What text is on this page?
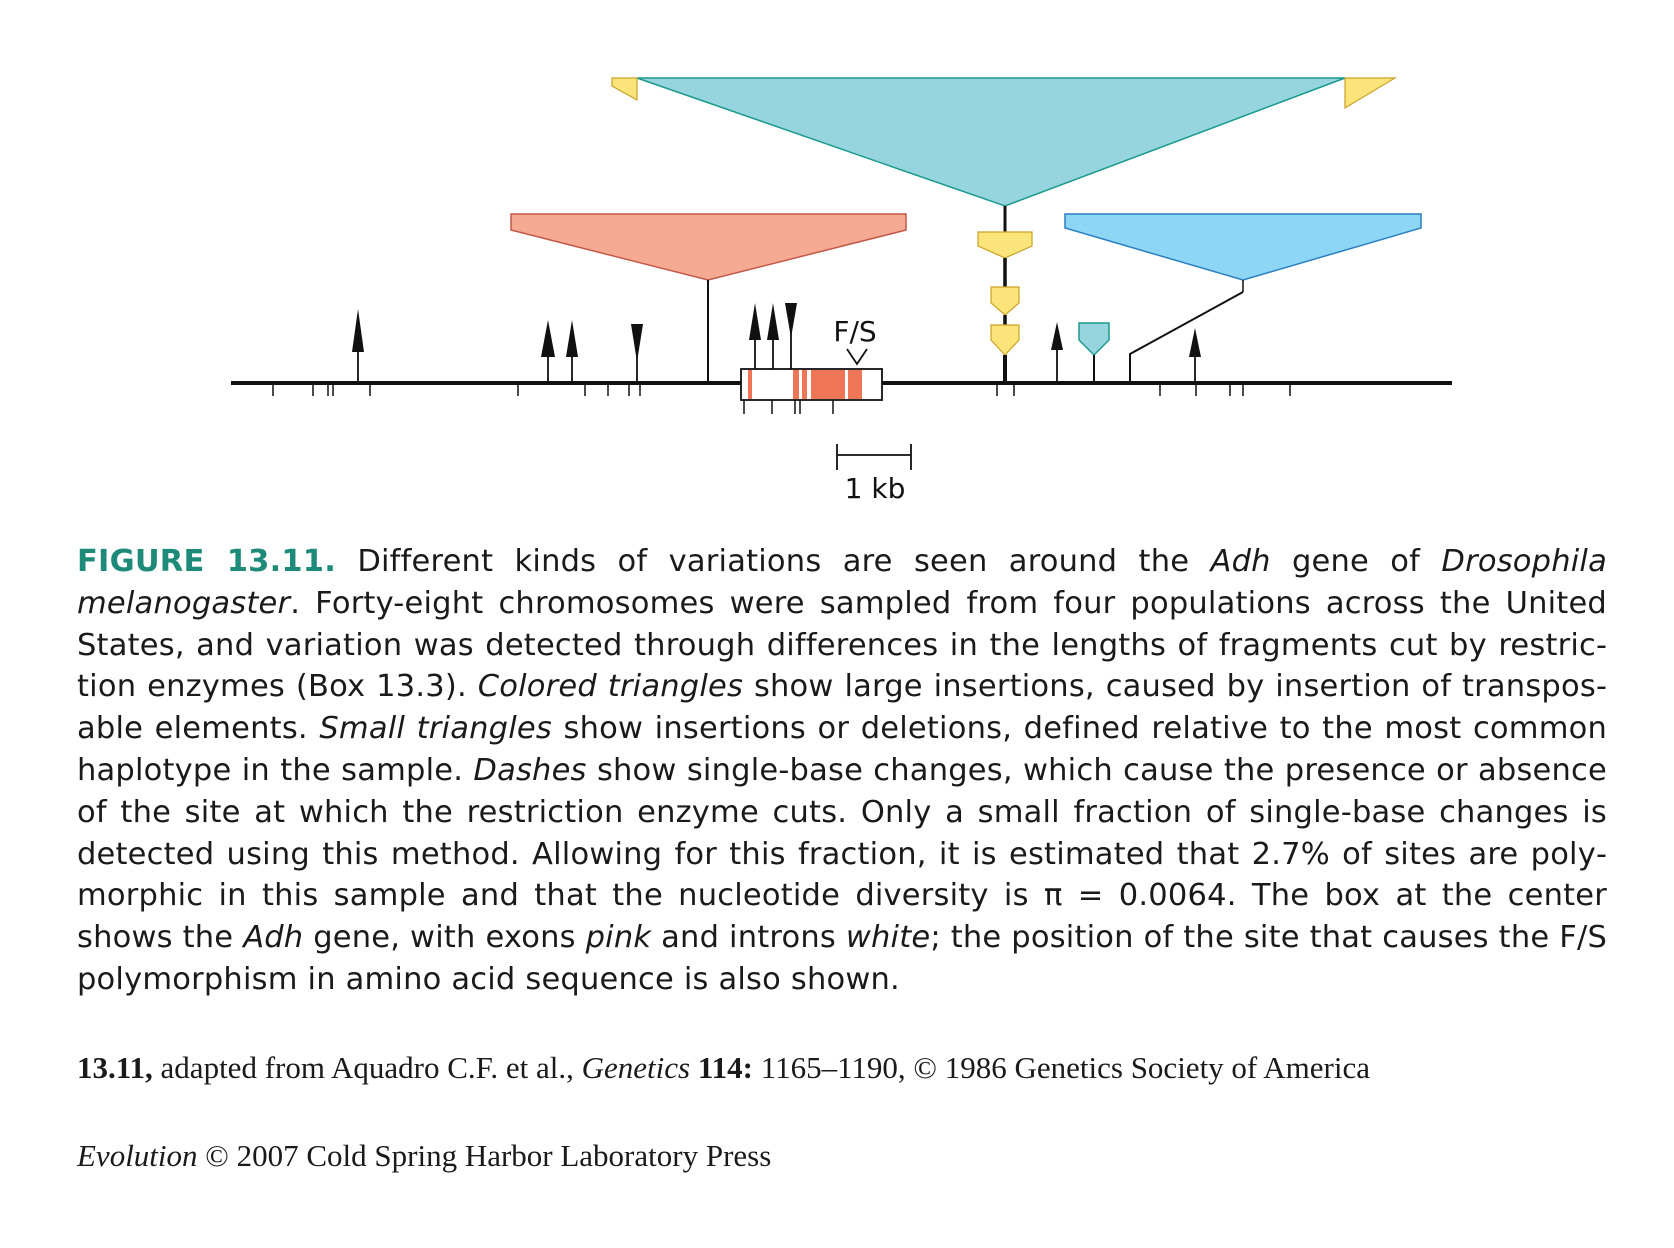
F/S
1 kb
FIGURE 13.11. Different kinds of variations are seen around the Adh gene of Drosophila melanogaster. Forty-eight chromosomes were sampled from four populations across the United States, and variation was detected through differences in the lengths of fragments cut by restriction enzymes (Box 13.3). Colored triangles show large insertions, caused by insertion of transposable elements. Small triangles show insertions or deletions, defined relative to the most common haplotype in the sample. Dashes show single-base changes, which cause the presence or absence of the site at which the restriction enzyme cuts. Only a small fraction of single-base changes is detected using this method. Allowing for this fraction, it is estimated that 2.7% of sites are polymorphic in this sample and that the nucleotide diversity is π = 0.0064. The box at the center shows the Adh gene, with exons pink and introns white; the position of the site that causes the F/S polymorphism in amino acid sequence is also shown.
13.11, adapted from Aquadro C.F. et al., Genetics 114: 1165–1190, © 1986 Genetics Society of America
Evolution © 2007 Cold Spring Harbor Laboratory Press
